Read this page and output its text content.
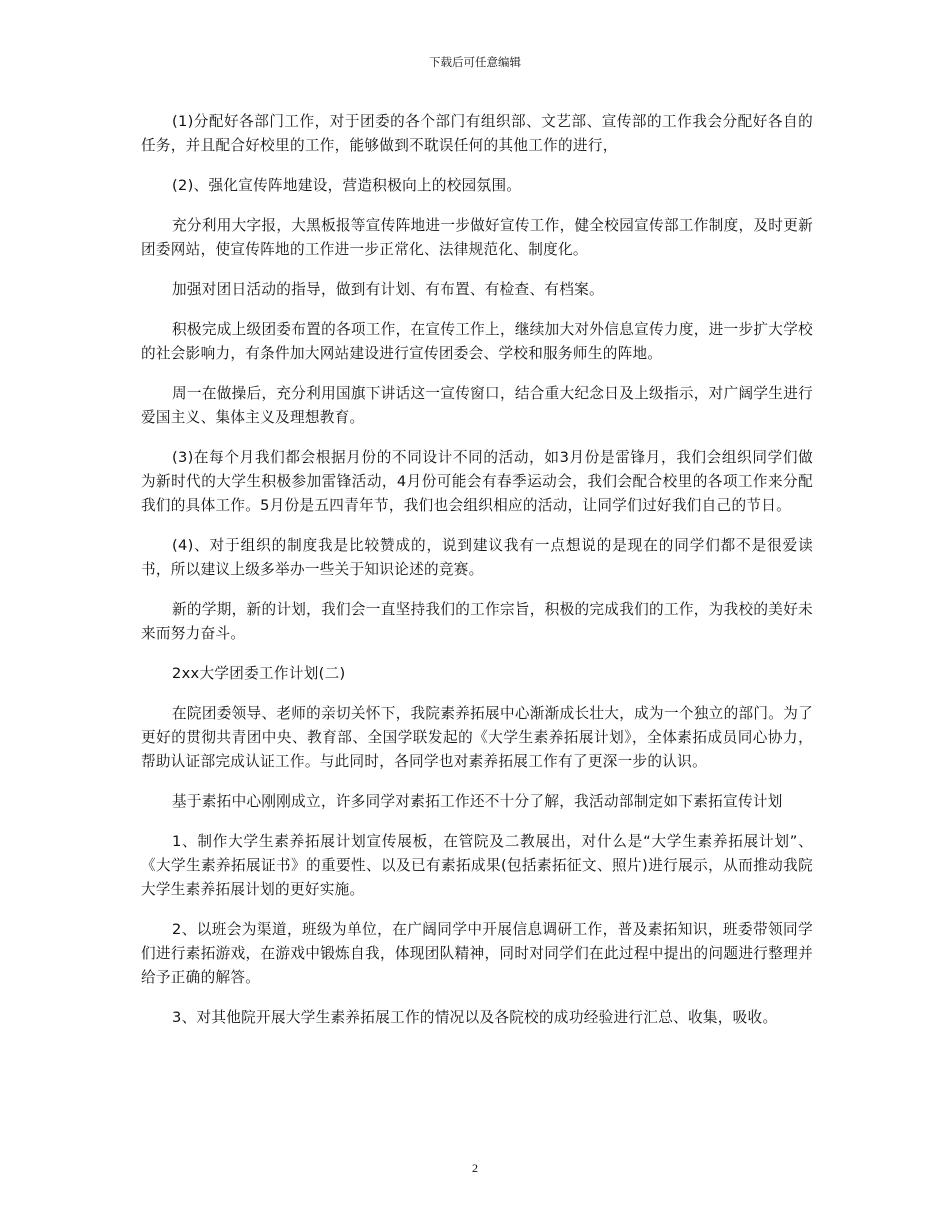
下载后可任意编辑

(1)分配好各部门工作，对于团委的各个部门有组织部、文艺部、宣传部的工作我会分配好各自的任务，并且配合好校里的工作，能够做到不耽误任何的其他工作的进行，

(2)、强化宣传阵地建设，营造积极向上的校园氛围。

充分利用大字报，大黑板报等宣传阵地进一步做好宣传工作，健全校园宣传部工作制度，及时更新团委网站，使宣传阵地的工作进一步正常化、法律规范化、制度化。

加强对团日活动的指导，做到有计划、有布置、有检查、有档案。

积极完成上级团委布置的各项工作，在宣传工作上，继续加大对外信息宣传力度，进一步扩大学校的社会影响力，有条件加大网站建设进行宣传团委会、学校和服务师生的阵地。

周一在做操后，充分利用国旗下讲话这一宣传窗口，结合重大纪念日及上级指示，对广阔学生进行爱国主义、集体主义及理想教育。

(3)在每个月我们都会根据月份的不同设计不同的活动，如3月份是雷锋月，我们会组织同学们做为新时代的大学生积极参加雷锋活动，4月份可能会有春季运动会，我们会配合校里的各项工作来分配我们的具体工作。5月份是五四青年节，我们也会组织相应的活动，让同学们过好我们自己的节日。

(4)、对于组织的制度我是比较赞成的，说到建议我有一点想说的是现在的同学们都不是很爱读书，所以建议上级多举办一些关于知识论述的竞赛。

新的学期，新的计划，我们会一直坚持我们的工作宗旨，积极的完成我们的工作，为我校的美好未来而努力奋斗。

2xx大学团委工作计划(二)

在院团委领导、老师的亲切关怀下，我院素养拓展中心渐渐成长壮大，成为一个独立的部门。为了更好的贯彻共青团中央、教育部、全国学联发起的《大学生素养拓展计划》，全体素拓成员同心协力，帮助认证部完成认证工作。与此同时，各同学也对素养拓展工作有了更深一步的认识。

基于素拓中心刚刚成立，许多同学对素拓工作还不十分了解，我活动部制定如下素拓宣传计划

1、制作大学生素养拓展计划宣传展板，在管院及二教展出，对什么是“大学生素养拓展计划”、《大学生素养拓展证书》的重要性、以及已有素拓成果(包括素拓征文、照片)进行展示，从而推动我院大学生素养拓展计划的更好实施。

2、以班会为渠道，班级为单位，在广阔同学中开展信息调研工作，普及素拓知识，班委带领同学们进行素拓游戏，在游戏中锻炼自我，体现团队精神，同时对同学们在此过程中提出的问题进行整理并给予正确的解答。

3、对其他院开展大学生素养拓展工作的情况以及各院校的成功经验进行汇总、收集，吸收。

2
